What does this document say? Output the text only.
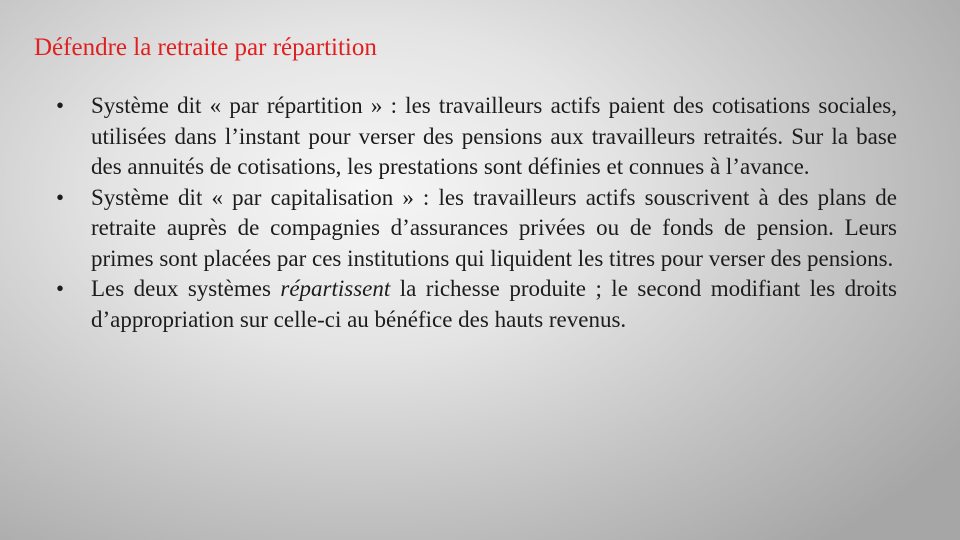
Défendre la retraite par répartition
•
Système dit « par répartition » : les travailleurs actifs paient des cotisations sociales, utilisées dans l’instant pour verser des pensions aux travailleurs retraités. Sur la base des annuités de cotisations, les prestations sont définies et connues à l’avance.
•
Système dit « par capitalisation » : les travailleurs actifs souscrivent à des plans de retraite auprès de compagnies d’assurances privées ou de fonds de pension. Leurs primes sont placées par ces institutions qui liquident les titres pour verser des pensions.
•
Les deux systèmes répartissent la richesse produite ; le second modifiant les droits d’appropriation sur celle-ci au bénéfice des hauts revenus.
